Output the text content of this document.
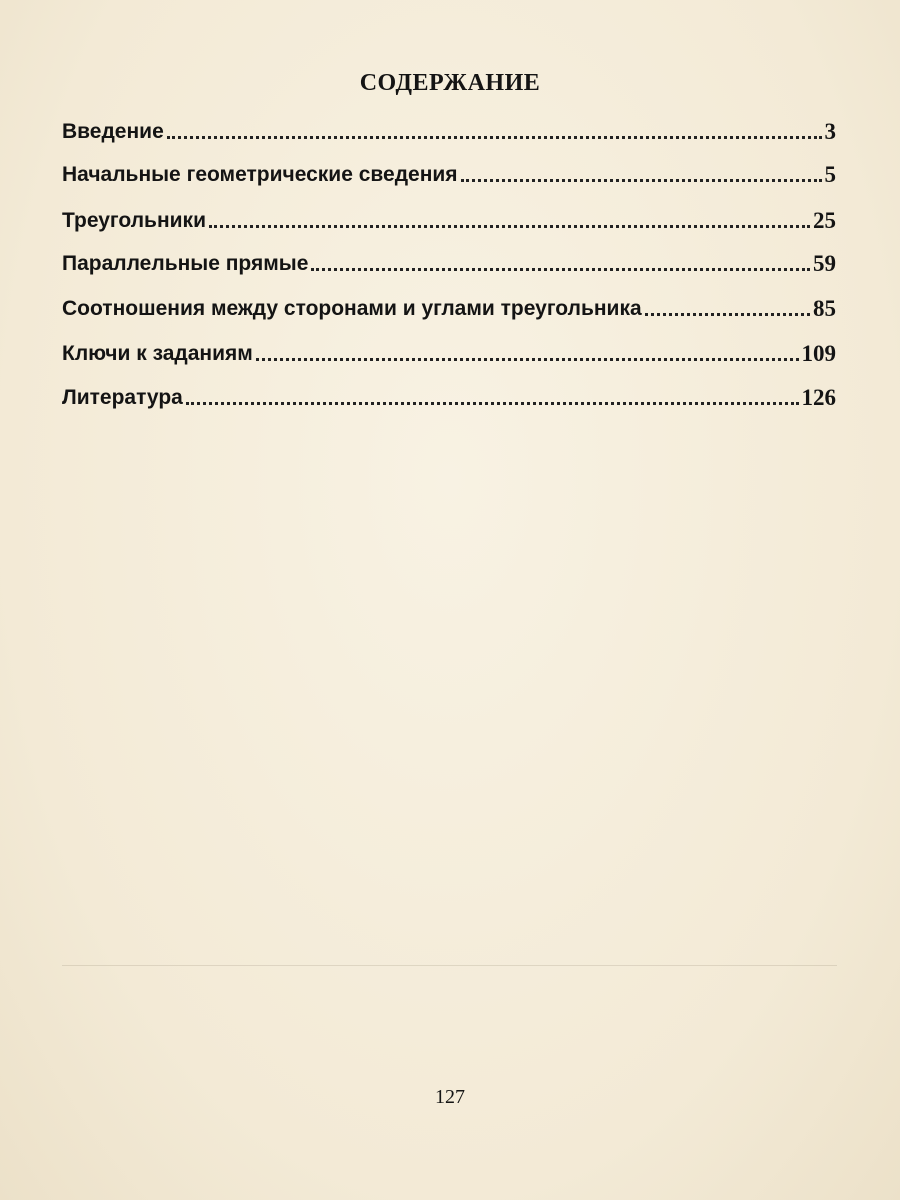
СОДЕРЖАНИЕ
Введение	3
Начальные геометрические сведения	5
Треугольники	25
Параллельные прямые	59
Соотношения между сторонами и углами треугольника	85
Ключи к заданиям	109
Литература	126
127
